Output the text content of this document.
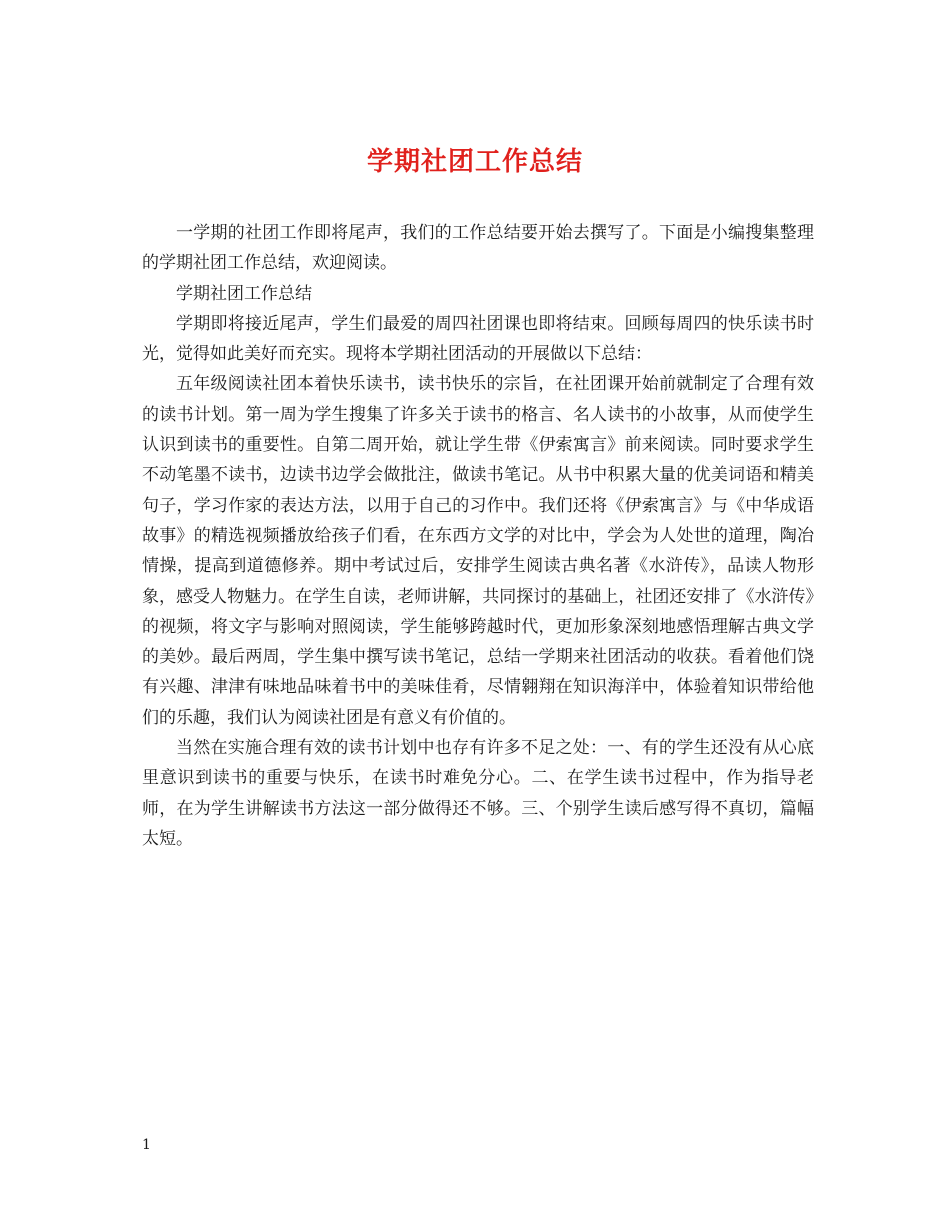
学期社团工作总结

一学期的社团工作即将尾声，我们的工作总结要开始去撰写了。下面是小编搜集整理的学期社团工作总结，欢迎阅读。

学期社团工作总结

学期即将接近尾声，学生们最爱的周四社团课也即将结束。回顾每周四的快乐读书时光，觉得如此美好而充实。现将本学期社团活动的开展做以下总结：

五年级阅读社团本着快乐读书，读书快乐的宗旨，在社团课开始前就制定了合理有效的读书计划。第一周为学生搜集了许多关于读书的格言、名人读书的小故事，从而使学生认识到读书的重要性。自第二周开始，就让学生带《伊索寓言》前来阅读。同时要求学生不动笔墨不读书，边读书边学会做批注，做读书笔记。从书中积累大量的优美词语和精美句子，学习作家的表达方法，以用于自己的习作中。我们还将《伊索寓言》与《中华成语故事》的精选视频播放给孩子们看，在东西方文学的对比中，学会为人处世的道理，陶冶情操，提高到道德修养。期中考试过后，安排学生阅读古典名著《水浒传》，品读人物形象，感受人物魅力。在学生自读，老师讲解，共同探讨的基础上，社团还安排了《水浒传》的视频，将文字与影响对照阅读，学生能够跨越时代，更加形象深刻地感悟理解古典文学的美妙。最后两周，学生集中撰写读书笔记，总结一学期来社团活动的收获。看着他们饶有兴趣、津津有味地品味着书中的美味佳肴，尽情翱翔在知识海洋中，体验着知识带给他们的乐趣，我们认为阅读社团是有意义有价值的。

当然在实施合理有效的读书计划中也存有许多不足之处：一、有的学生还没有从心底里意识到读书的重要与快乐，在读书时难免分心。二、在学生读书过程中，作为指导老师，在为学生讲解读书方法这一部分做得还不够。三、个别学生读后感写得不真切，篇幅太短。

1
